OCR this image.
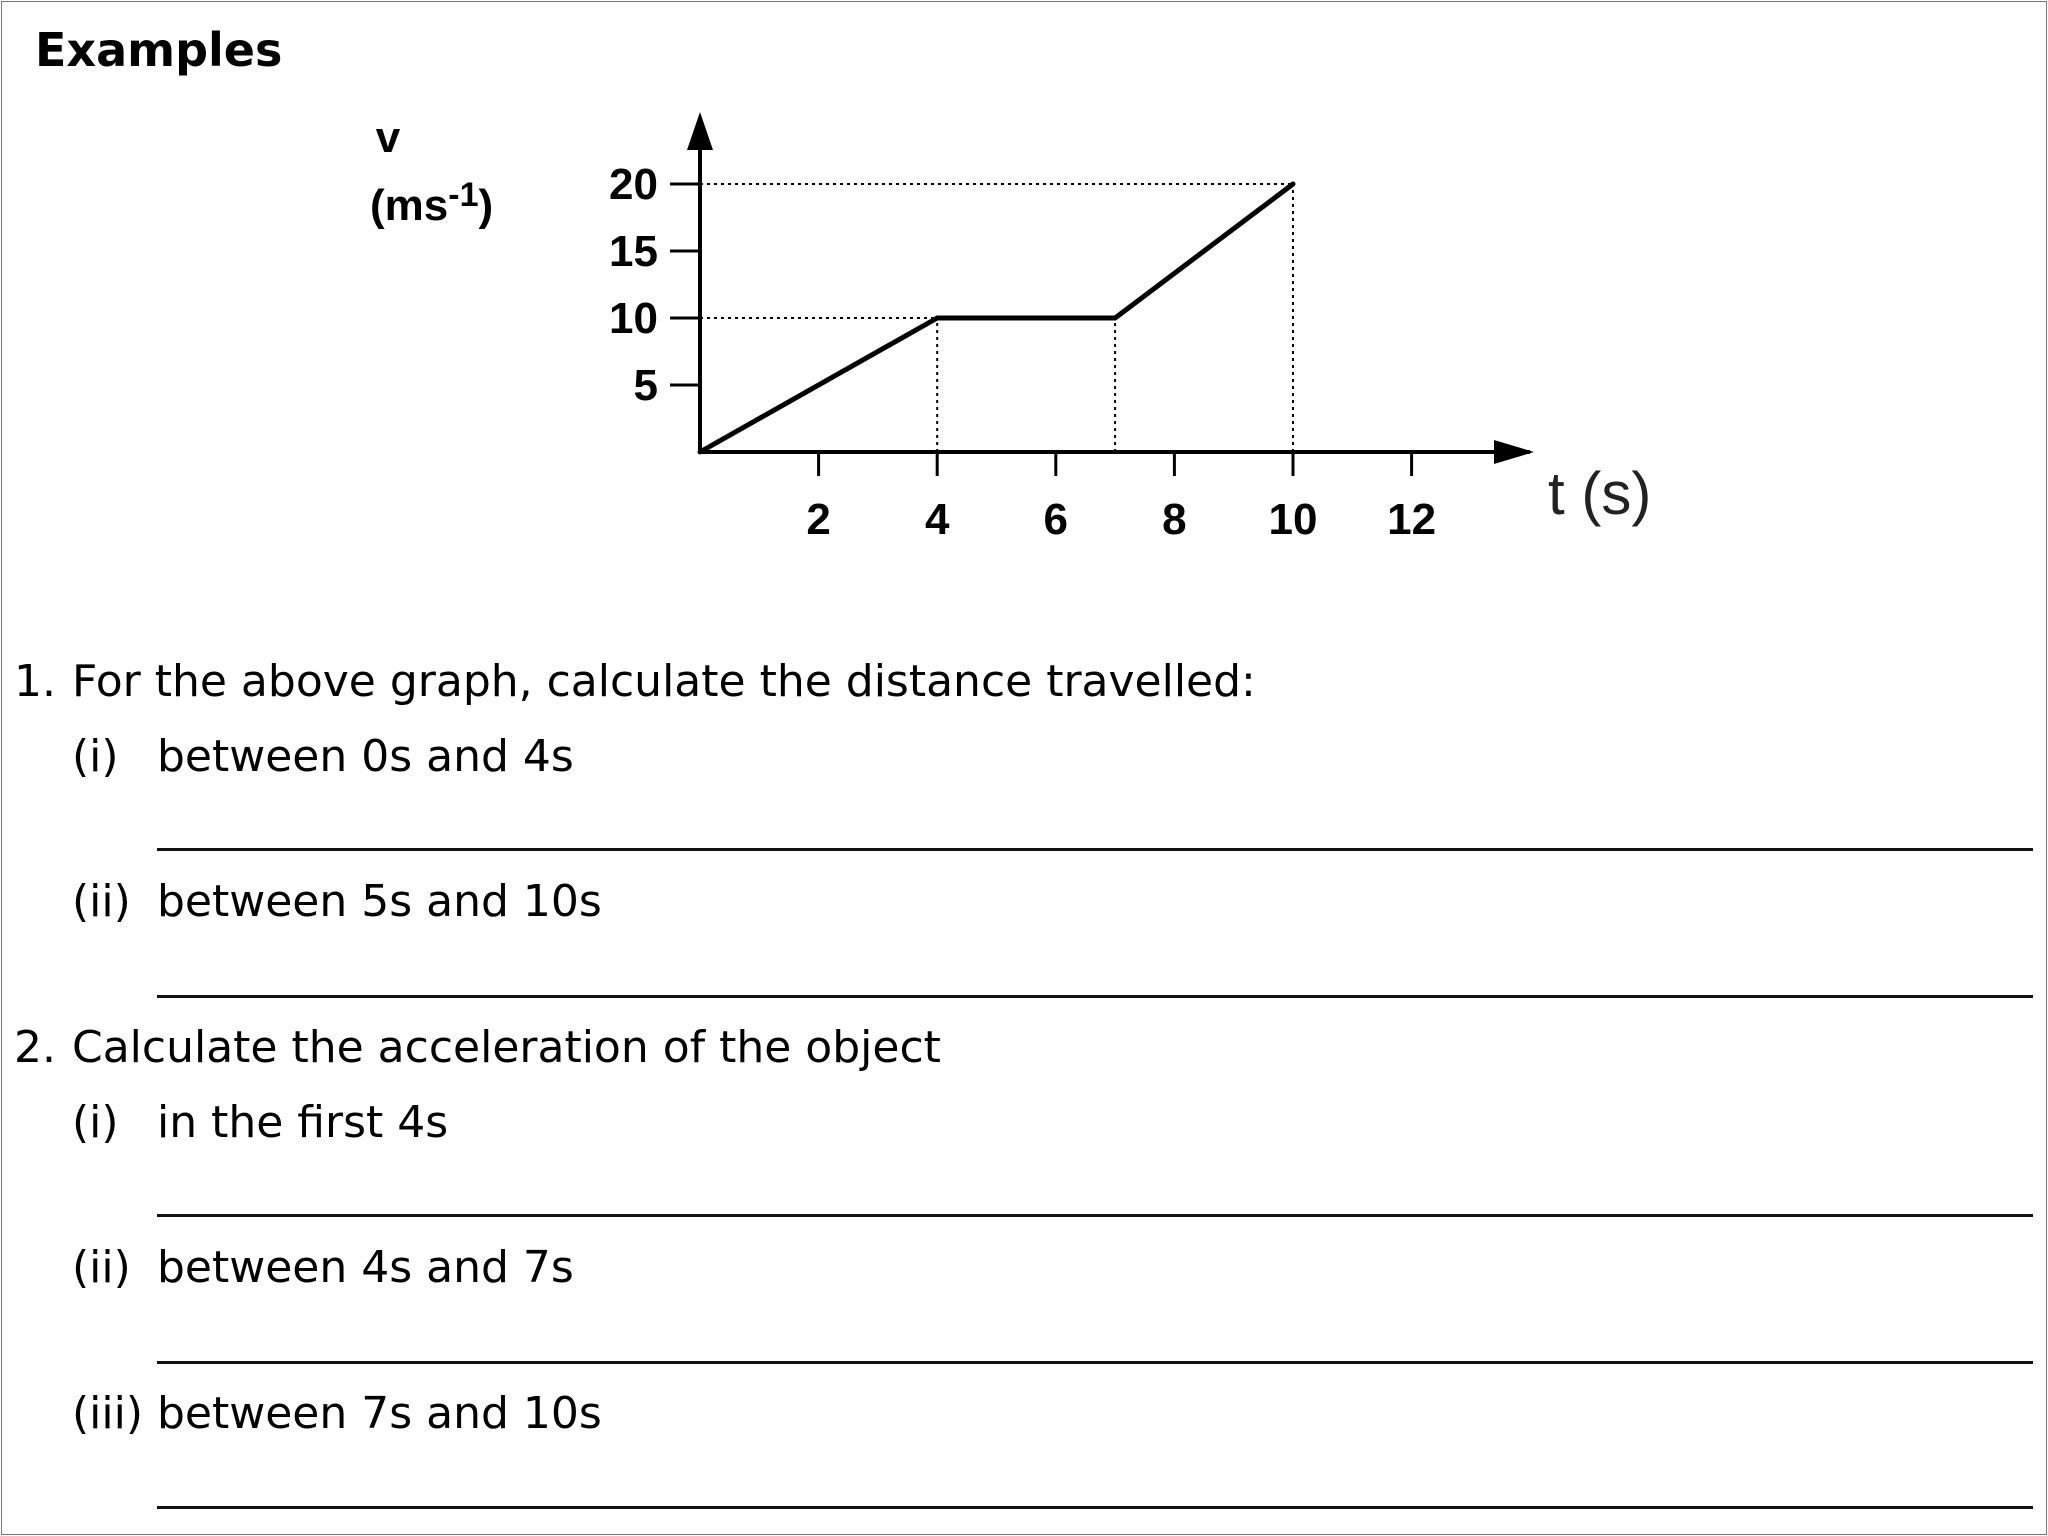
Examples
2 4 6 8 10 12
5
10
15
20
v
$(ms^{-1})$
t (s)
1. For the above graph, calculate the distance travelled:
(i) between 0s and 4s
(ii) between 5s and 10s
2. Calculate the acceleration of the object
(i) in the first 4s
(ii) between 4s and 7s
(iii) between 7s and 10s
